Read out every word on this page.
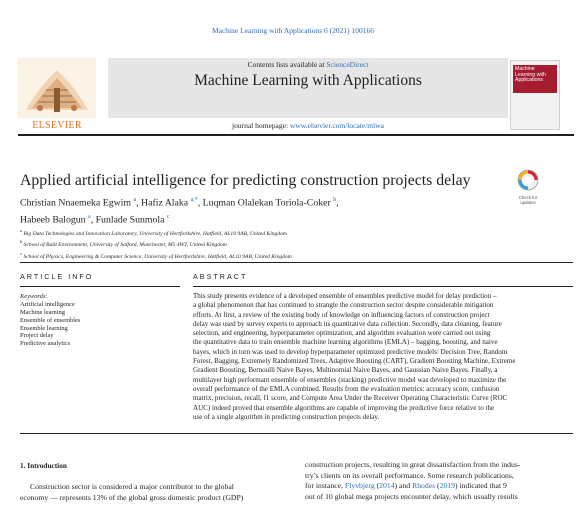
Machine Learning with Applications 6 (2021) 100166
ELSEVIER
Contents lists available at ScienceDirect
Machine Learning with Applications
journal homepage: www.elsevier.com/locate/mlwa
Machine Learning with Applications
Applied artificial intelligence for predicting construction projects delay
Check for
updates
Christian Nnaemeka Egwim $^a$, Hafiz Alaka $^{a,*}$, Luqman Olalekan Toriola-Coker $^b$,
Habeeb Balogun $^a$, Funlade Sunmola $^c$
$^a$ Big Data Technologies and Innovation Laboratory, University of Hertfordshire, Hatfield, AL10 9AB, United Kingdom
$^b$ School of Built Environment, University of Salford, Manchester, M5 4WT, United Kingdom
$^c$ School of Physics, Engineering & Computer Science, University of Hertfordshire, Hatfield, AL10 9AB, United Kingdom
ARTICLE INFO	ABSTRACT
Keywords:
Artificial intelligence
Machine learning
Ensemble of ensembles
Ensemble learning
Project delay
Predictive analytics
This study presents evidence of a developed ensemble of ensembles predictive model for delay prediction –
a global phenomenon that has continued to strangle the construction sector despite considerable mitigation
efforts. At first, a review of the existing body of knowledge on influencing factors of construction project
delay was used by survey experts to approach its quantitative data collection. Secondly, data cleaning, feature
selection, and engineering, hyperparameter optimization, and algorithm evaluation were carried out using
the quantitative data to train ensemble machine learning algorithms (EMLA) – bagging, boosting, and naive
bayes, which in turn was used to develop hyperparameter optimized predictive models: Decision Tree, Random
Forest, Bagging, Extremely Randomized Trees, Adaptive Boosting (CART), Gradient Boosting Machine, Extreme
Gradient Boosting, Bernoulli Naive Bayes, Multinomial Naive Bayes, and Gaussian Naive Bayes. Finally, a
multilayer high performant ensemble of ensembles (stacking) predictive model was developed to maximize the
overall performance of the EMLA combined. Results from the evaluation metrics: accuracy score, confusion
matrix, precision, recall, f1 score, and Compute Area Under the Receiver Operating Characteristic Curve (ROC
AUC) indeed proved that ensemble algorithms are capable of improving the predictive force relative to the
use of a single algorithm in predicting construction projects delay.
1. Introduction
Construction sector is considered a major contributor to the global
economy — represents 13% of the global gross domestic product (GDP)
construction projects, resulting in great dissatisfaction from the indus-
try’s clients on its overall performance. Some research publications,
for instance, Flyvbjerg (2014) and Rhodes (2019) indicated that 9
out of 10 global mega projects encounter delay, which usually results
